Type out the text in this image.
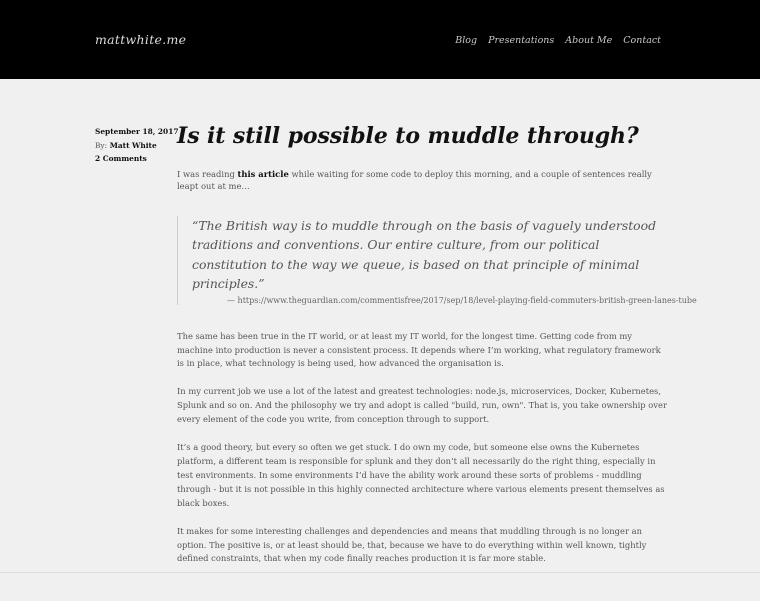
mattwhite.me	Blog Presentations About Me Contact
September 18, 2017
By: Matt White
2 Comments
Is it still possible to muddle through?

I was reading this article while waiting for some code to deploy this morning, and a couple of sentences really leapt out at me…

“The British way is to muddle through on the basis of vaguely understood traditions and conventions. Our entire culture, from our political constitution to the way we queue, is based on that principle of minimal principles.”

— https://www.theguardian.com/commentisfree/2017/sep/18/level-playing-field-commuters-british-green-lanes-tube

The same has been true in the IT world, or at least my IT world, for the longest time. Getting code from my machine into production is never a consistent process. It depends where I’m working, what regulatory framework is in place, what technology is being used, how advanced the organisation is.

In my current job we use a lot of the latest and greatest technologies: node.js, microservices, Docker, Kubernetes, Splunk and so on. And the philosophy we try and adopt is called "build, run, own". That is, you take ownership over every element of the code you write, from conception through to support.

It’s a good theory, but every so often we get stuck. I do own my code, but someone else owns the Kubernetes platform, a different team is responsible for splunk and they don’t all necessarily do the right thing, especially in test environments. In some environments I’d have the ability work around these sorts of problems - muddling through - but it is not possible in this highly connected architecture where various elements present themselves as black boxes.

It makes for some interesting challenges and dependencies and means that muddling through is no longer an option. The positive is, or at least should be, that, because we have to do everything within well known, tightly defined constraints, that when my code finally reaches production it is far more stable.
